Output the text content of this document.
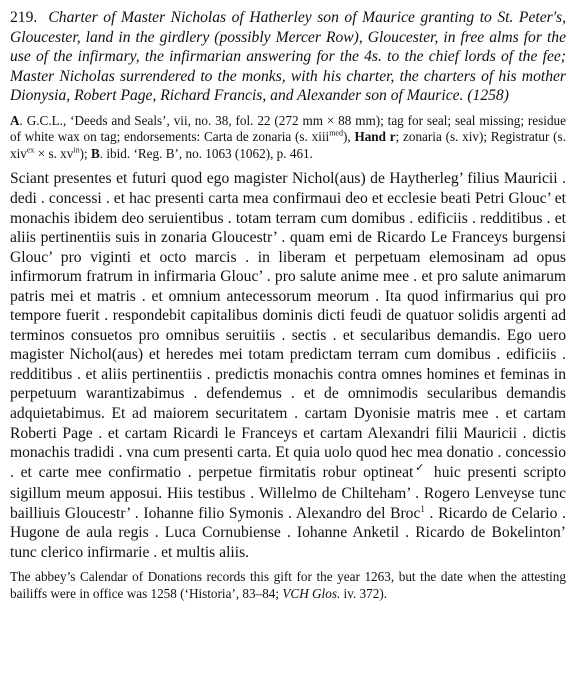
219. Charter of Master Nicholas of Hatherley son of Maurice granting to St. Peter's, Gloucester, land in the girdlery (possibly Mercer Row), Gloucester, in free alms for the use of the infirmary, the infirmarian answering for the 4s. to the chief lords of the fee; Master Nicholas surrendered to the monks, with his charter, the charters of his mother Dionysia, Robert Page, Richard Francis, and Alexander son of Maurice. (1258)

A. G.C.L., ‘Deeds and Seals’, vii, no. 38, fol. 22 (272 mm × 88 mm); tag for seal; seal missing; residue of white wax on tag; endorsements: Carta de zonaria (s. xiii$^{med}$), Hand r; zonaria (s. xiv); Registratur (s. xiv$^{ex}$ × s. $xv^{in}$); B. ibid. ‘Reg. B’, no. 1063 (1062), p. 461.

Sciant presentes et futuri quod ego magister Nichol(aus) de Haytherleg’ filius Mauricii . dedi . concessi . et hac presenti carta mea confirmaui deo et ecclesie beati Petri Glouc’ et monachis ibidem deo seruientibus . totam terram cum domibus . edificiis . redditibus . et aliis pertinentiis suis in zonaria Gloucestr’ . quam emi de Ricardo Le Franceys burgensi Glouc’ pro viginti et octo marcis . in liberam et perpetuam elemosinam ad opus infirmorum fratrum in infirmaria Glouc’ . pro salute anime mee . et pro salute animarum patris mei et matris . et omnium antecessorum meorum . Ita quod infirmarius qui pro tempore fuerit . respondebit capitalibus dominis dicti feudi de quatuor solidis argenti ad terminos consuetos pro omnibus seruitiis . sectis . et secularibus demandis. Ego uero magister Nichol(aus) et heredes mei totam predictam terram cum domibus . edificiis . redditibus . et aliis pertinentiis . predictis monachis contra omnes homines et feminas in perpetuum warantizabimus . defendemus . et de omnimodis secularibus demandis adquietabimus. Et ad maiorem securitatem . cartam Dyonisie matris mee . et cartam Roberti Page . et cartam Ricardi le Franceys et cartam Alexandri filii Mauricii . dictis monachis tradidi . vna cum presenti carta. Et quia uolo quod hec mea donatio . concessio . et carte mee confirmatio . perpetue firmitatis robur optineat✓ huic presenti scripto sigillum meum apposui. Hiis testibus . Willelmo de Chilteham’ . Rogero Lenveyse tunc bailliuis Gloucestr’ . Iohanne filio Symonis . Alexandro del Broc$^1$ . Ricardo de Celario . Hugone de aula regis . Luca Cornubiense . Iohanne Anketil . Ricardo de Bokelinton’ tunc clerico infirmarie . et multis aliis.

The abbey’s Calendar of Donations records this gift for the year 1263, but the date when the attesting bailiffs were in office was 1258 (‘Historia’, 83–84; VCH Glos. iv. 372).
